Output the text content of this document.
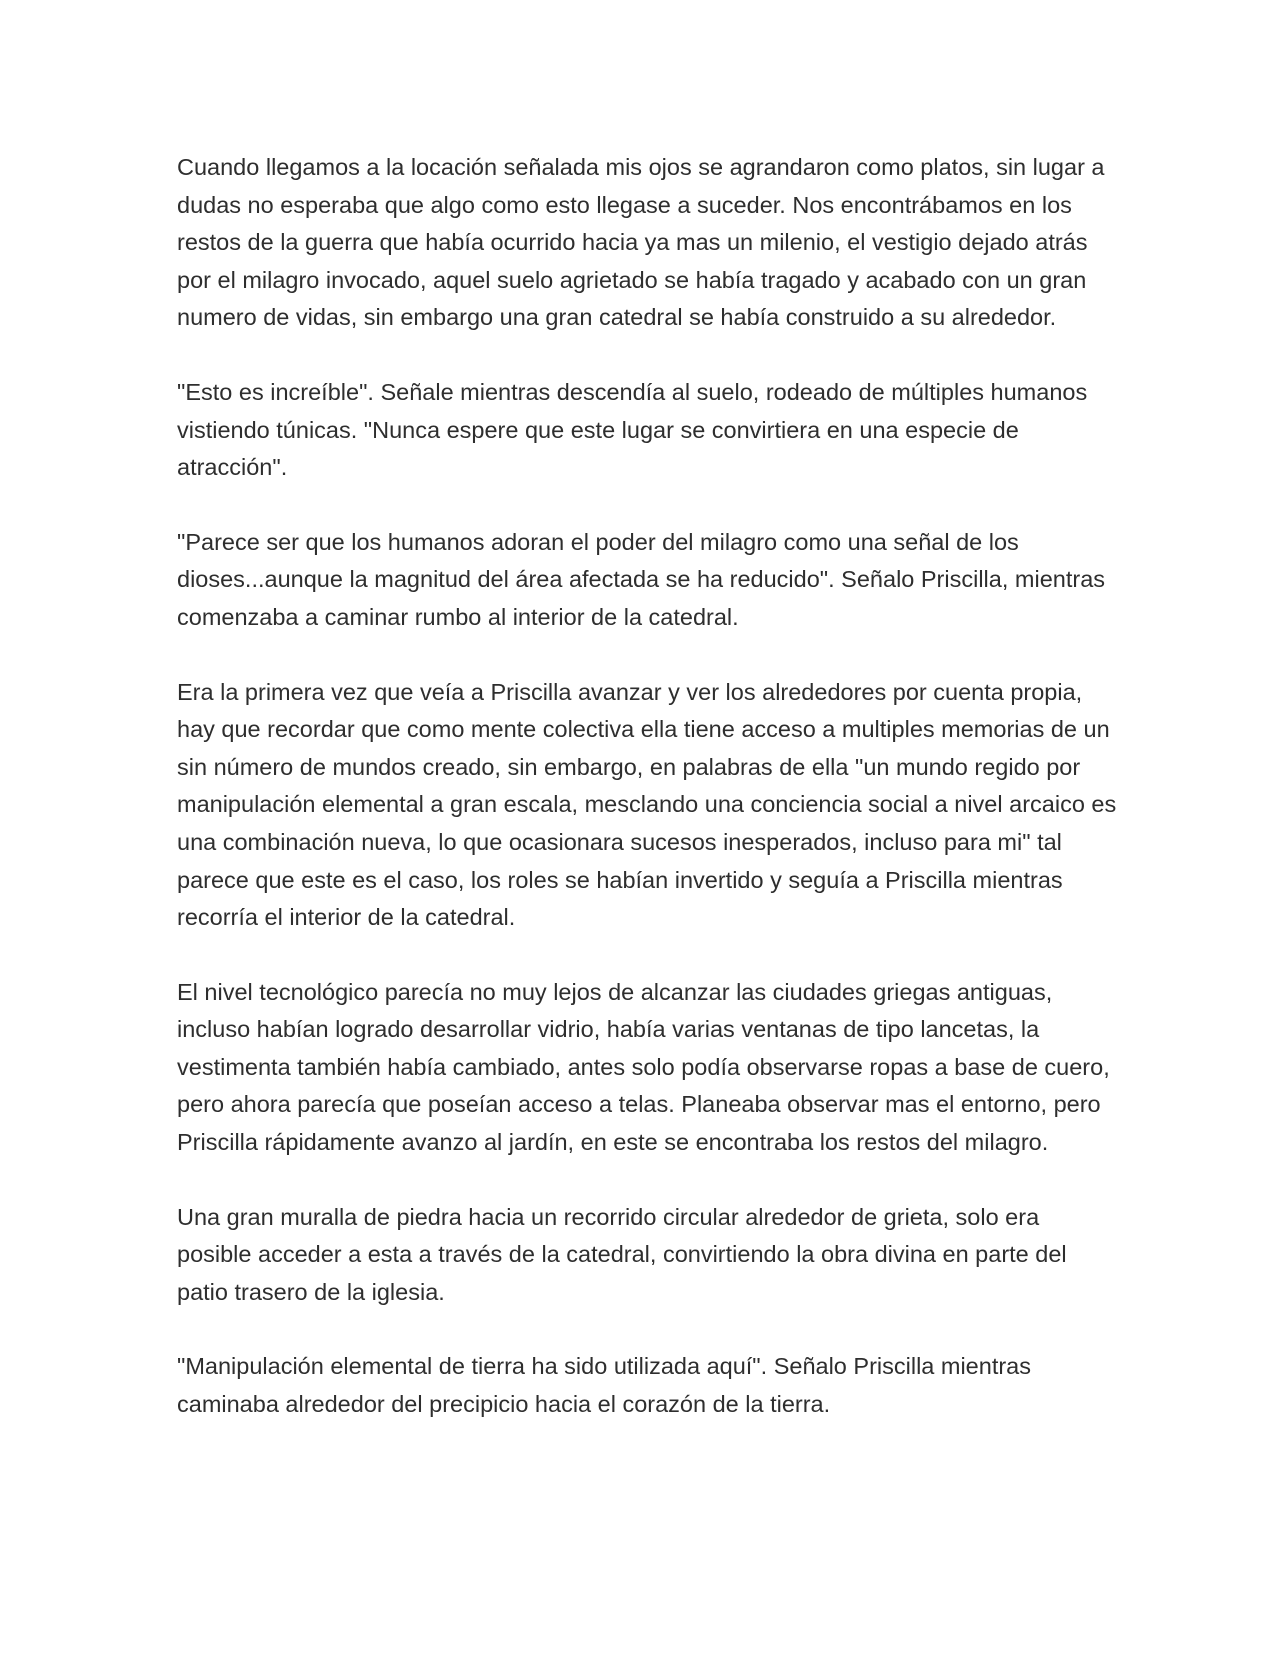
Cuando llegamos a la locación señalada mis ojos se agrandaron como platos, sin lugar a dudas no esperaba que algo como esto llegase a suceder. Nos encontrábamos en los restos de la guerra que había ocurrido hacia ya mas un milenio, el vestigio dejado atrás por el milagro invocado, aquel suelo agrietado se había tragado y acabado con un gran numero de vidas, sin embargo una gran catedral se había construido a su alrededor.

"Esto es increíble". Señale mientras descendía al suelo, rodeado de múltiples humanos vistiendo túnicas. "Nunca espere que este lugar se convirtiera en una especie de atracción".

"Parece ser que los humanos adoran el poder del milagro como una señal de los dioses...aunque la magnitud del área afectada se ha reducido". Señalo Priscilla, mientras comenzaba a caminar rumbo al interior de la catedral.

Era la primera vez que veía a Priscilla avanzar y ver los alrededores por cuenta propia, hay que recordar que como mente colectiva ella tiene acceso a multiples memorias de un sin número de mundos creado, sin embargo, en palabras de ella "un mundo regido por manipulación elemental a gran escala, mesclando una conciencia social a nivel arcaico es una combinación nueva, lo que ocasionara sucesos inesperados, incluso para mi" tal parece que este es el caso, los roles se habían invertido y seguía a Priscilla mientras recorría el interior de la catedral.

El nivel tecnológico parecía no muy lejos de alcanzar las ciudades griegas antiguas, incluso habían logrado desarrollar vidrio, había varias ventanas de tipo lancetas, la vestimenta también había cambiado, antes solo podía observarse ropas a base de cuero, pero ahora parecía que poseían acceso a telas. Planeaba observar mas el entorno, pero Priscilla rápidamente avanzo al jardín, en este se encontraba los restos del milagro.

Una gran muralla de piedra hacia un recorrido circular alrededor de grieta, solo era posible acceder a esta a través de la catedral, convirtiendo la obra divina en parte del patio trasero de la iglesia.

"Manipulación elemental de tierra ha sido utilizada aquí". Señalo Priscilla mientras caminaba alrededor del precipicio hacia el corazón de la tierra.
